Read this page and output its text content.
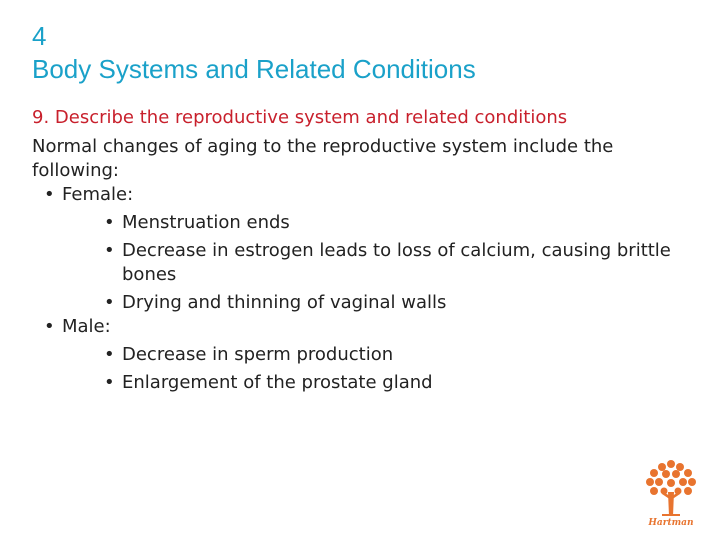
4
Body Systems and Related Conditions
9. Describe the reproductive system and related conditions

Normal changes of aging to the reproductive system include the following:

• Female:
• Menstruation ends
• Decrease in estrogen leads to loss of calcium, causing brittle bones
• Drying and thinning of vaginal walls
• Male:
• Decrease in sperm production
• Enlargement of the prostate gland
Hartman
